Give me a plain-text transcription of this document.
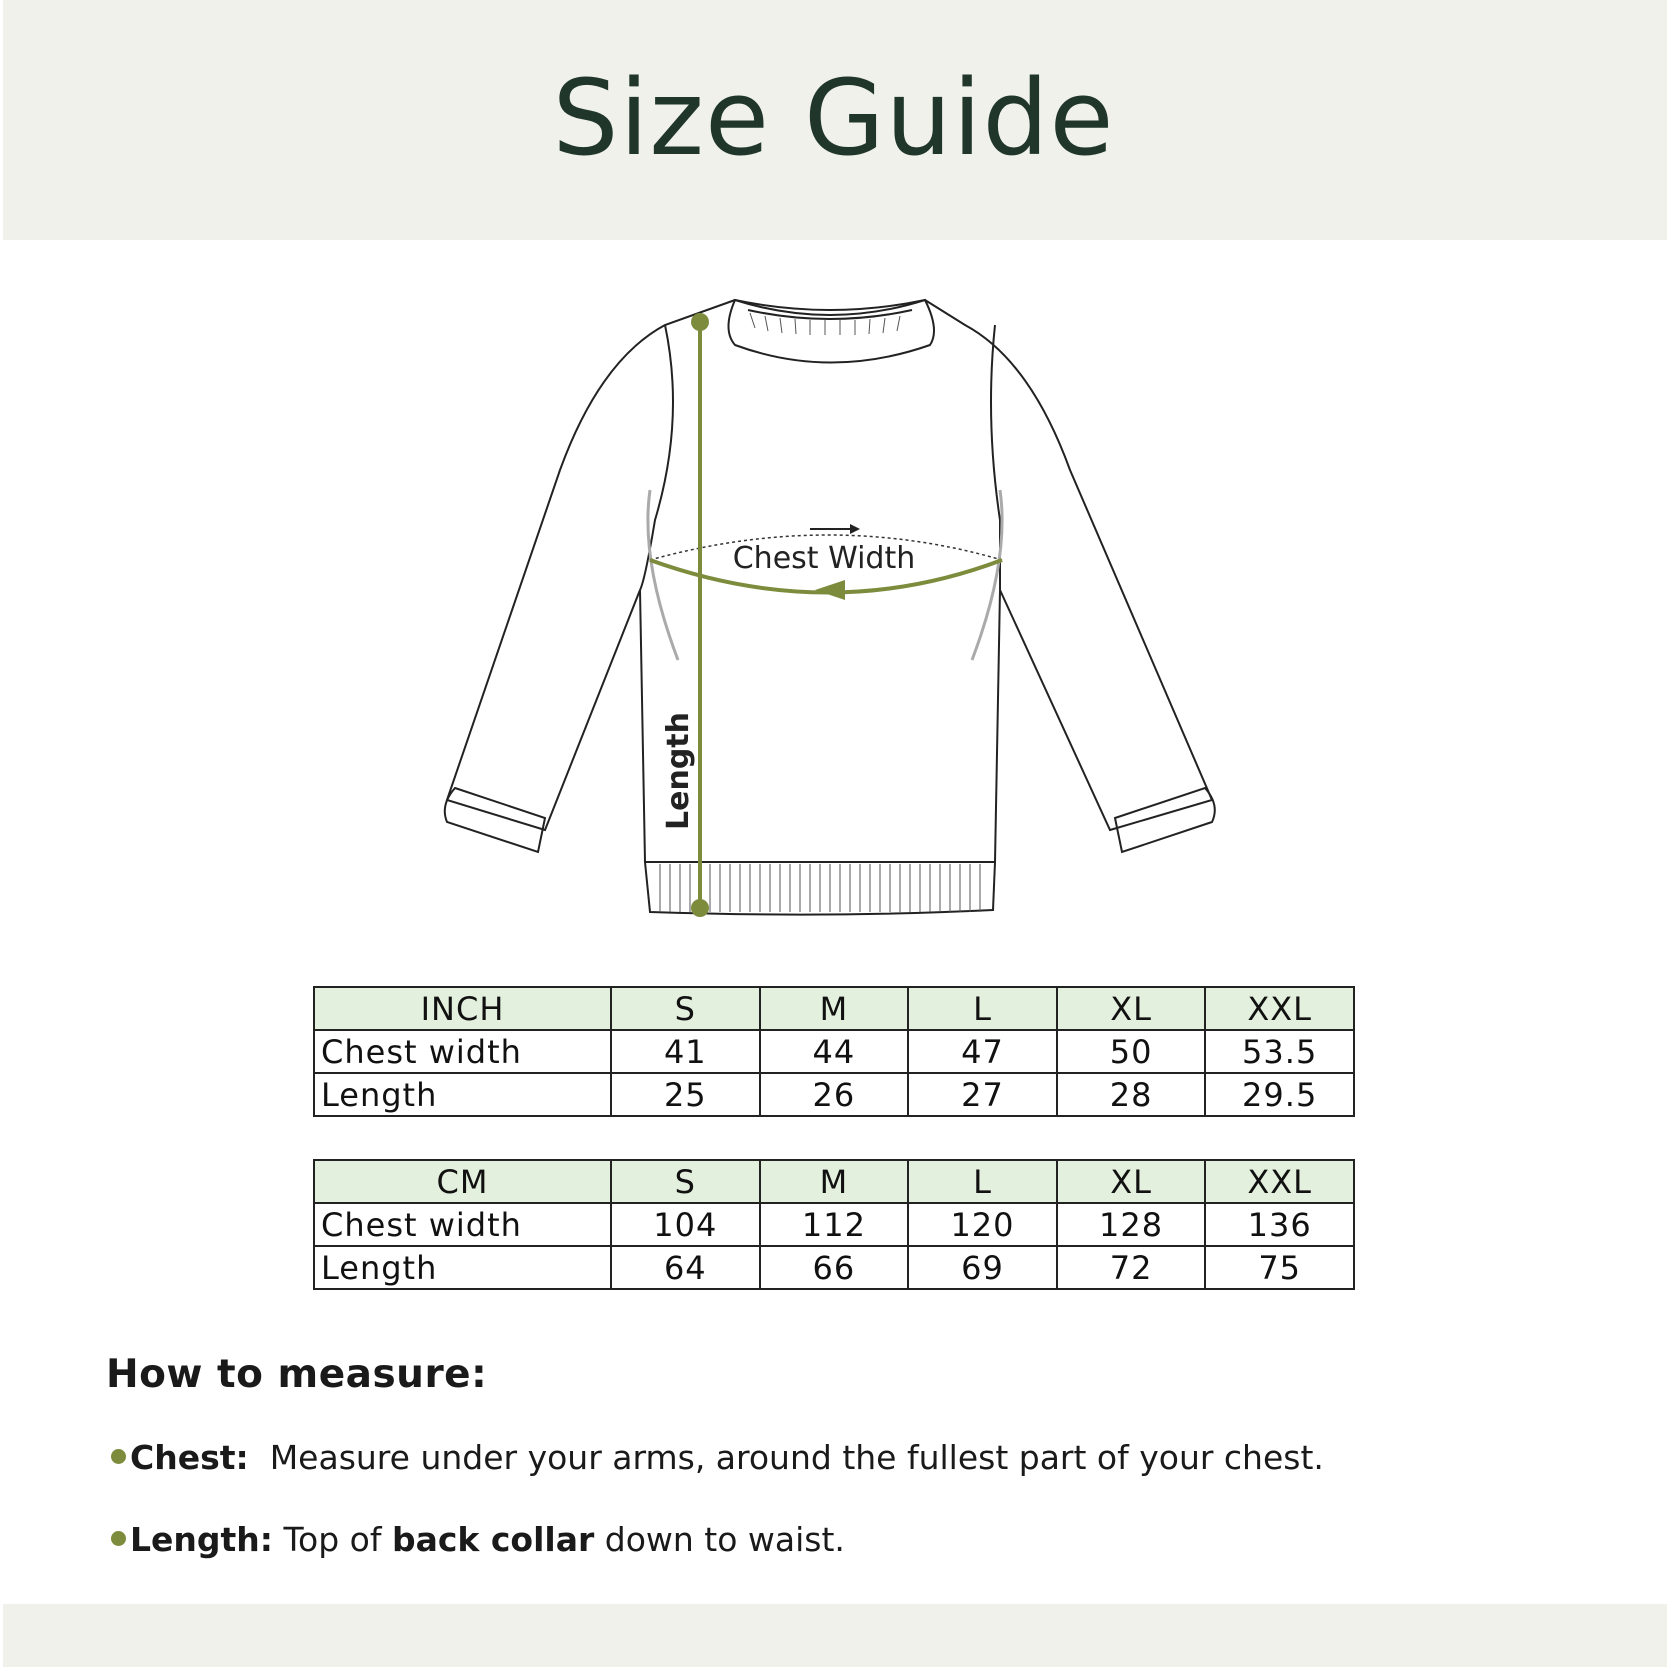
Size Guide
Chest Width
Length
INCH	S	M	L	XL	XXL
Chest width	41	44	47	50	53.5
Length	25	26	27	28	29.5
CM	S	M	L	XL	XXL
Chest width	104	112	120	128	136
Length	64	66	69	72	75
How to measure:
Chest: Measure under your arms, around the fullest part of your chest.
Length: Top of back collar down to waist.
